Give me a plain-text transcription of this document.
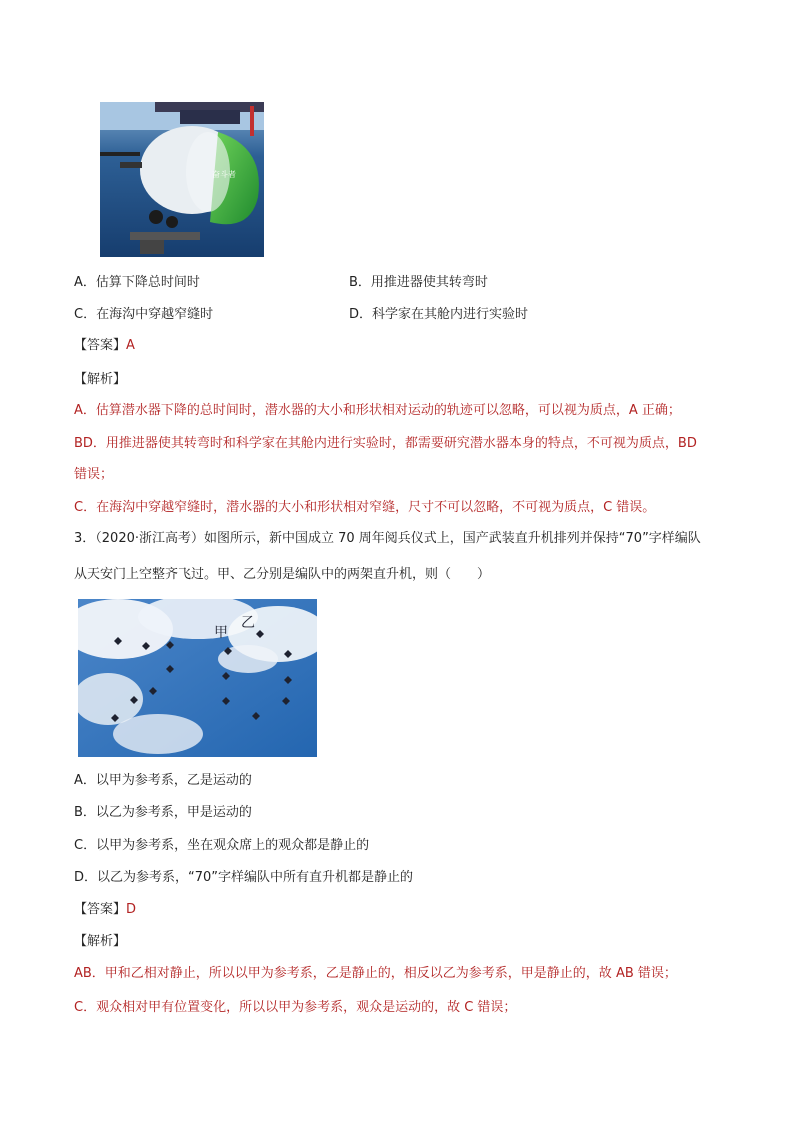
奋斗者
A．估算下降总时间时	B．用推进器使其转弯时
C．在海沟中穿越窄缝时	D．科学家在其舱内进行实验时
【答案】A
【解析】
A．估算潜水器下降的总时间时，潜水器的大小和形状相对运动的轨迹可以忽略，可以视为质点，A 正确；
BD．用推进器使其转弯时和科学家在其舱内进行实验时，都需要研究潜水器本身的特点，不可视为质点，BD
错误；
C．在海沟中穿越窄缝时，潜水器的大小和形状相对窄缝，尺寸不可以忽略，不可视为质点，C 错误。
3．（2020·浙江高考）如图所示，新中国成立 70 周年阅兵仪式上，国产武装直升机排列并保持“70”字样编队
从天安门上空整齐飞过。甲、乙分别是编队中的两架直升机，则（　　）
甲
乙
A．以甲为参考系，乙是运动的
B．以乙为参考系，甲是运动的
C．以甲为参考系，坐在观众席上的观众都是静止的
D．以乙为参考系，“70”字样编队中所有直升机都是静止的
【答案】D
【解析】
AB．甲和乙相对静止，所以以甲为参考系，乙是静止的，相反以乙为参考系，甲是静止的，故 AB 错误；
C．观众相对甲有位置变化，所以以甲为参考系，观众是运动的，故 C 错误；
